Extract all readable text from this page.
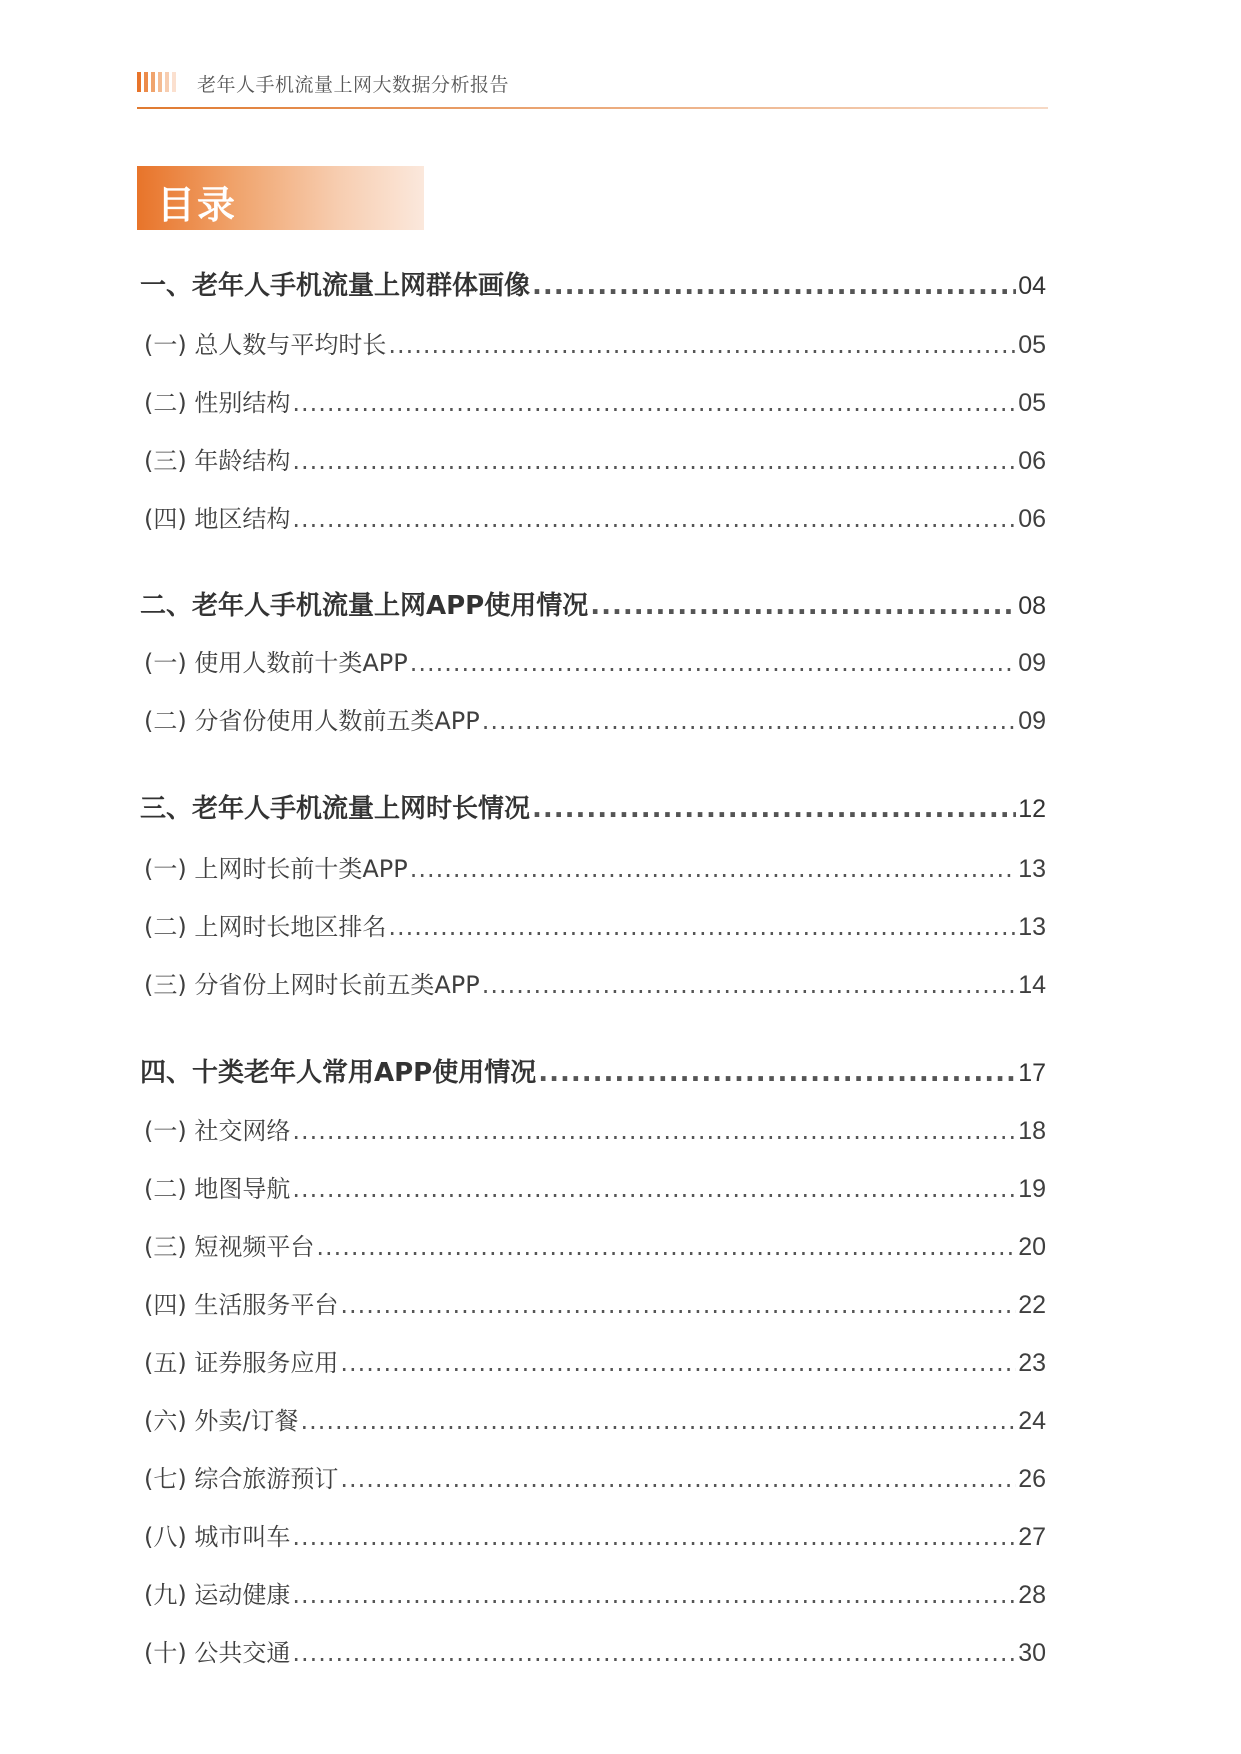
老年人手机流量上网大数据分析报告
目录
一、老年人手机流量上网群体画像 .....	04
(一) 总人数与平均时长 .....	05
(二) 性别结构 .....	05
(三) 年龄结构 .....	06
(四) 地区结构 .....	06
二、老年人手机流量上网APP使用情况 .....	08
(一) 使用人数前十类APP .....	09
(二) 分省份使用人数前五类APP .....	09
三、老年人手机流量上网时长情况 .....	12
(一) 上网时长前十类APP .....	13
(二) 上网时长地区排名 .....	13
(三) 分省份上网时长前五类APP .....	14
四、十类老年人常用APP使用情况 .....	17
(一) 社交网络 .....	18
(二) 地图导航 .....	19
(三) 短视频平台 .....	20
(四) 生活服务平台 .....	22
(五) 证券服务应用 .....	23
(六) 外卖/订餐 .....	24
(七) 综合旅游预订 .....	26
(八) 城市叫车 .....	27
(九) 运动健康 .....	28
(十) 公共交通 .....	30
